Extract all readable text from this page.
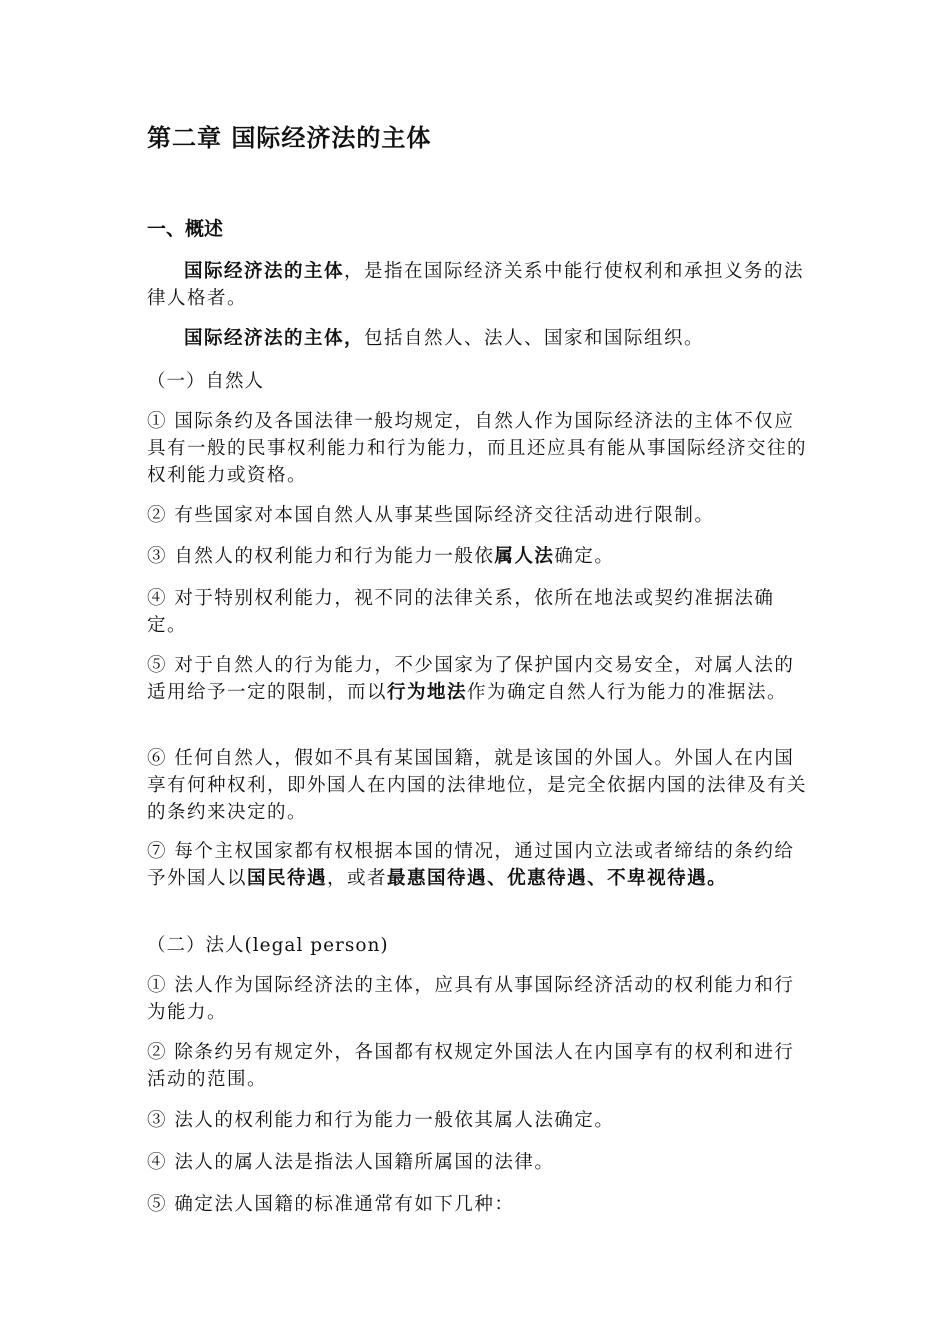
第二章 国际经济法的主体
一、概述

国际经济法的主体，是指在国际经济关系中能行使权利和承担义务的法律人格者。

国际经济法的主体，包括自然人、法人、国家和国际组织。

（一）自然人

① 国际条约及各国法律一般均规定，自然人作为国际经济法的主体不仅应具有一般的民事权利能力和行为能力，而且还应具有能从事国际经济交往的权利能力或资格。

② 有些国家对本国自然人从事某些国际经济交往活动进行限制。

③ 自然人的权利能力和行为能力一般依属人法确定。

④ 对于特别权利能力，视不同的法律关系，依所在地法或契约准据法确定。

⑤ 对于自然人的行为能力，不少国家为了保护国内交易安全，对属人法的适用给予一定的限制，而以行为地法作为确定自然人行为能力的准据法。

⑥ 任何自然人，假如不具有某国国籍，就是该国的外国人。外国人在内国享有何种权利，即外国人在内国的法律地位，是完全依据内国的法律及有关的条约来决定的。

⑦ 每个主权国家都有权根据本国的情况，通过国内立法或者缔结的条约给予外国人以国民待遇，或者最惠国待遇、优惠待遇、不卑视待遇。

（二）法人(legal person)

① 法人作为国际经济法的主体，应具有从事国际经济活动的权利能力和行为能力。

② 除条约另有规定外，各国都有权规定外国法人在内国享有的权利和进行活动的范围。

③ 法人的权利能力和行为能力一般依其属人法确定。

④ 法人的属人法是指法人国籍所属国的法律。

⑤ 确定法人国籍的标准通常有如下几种：
